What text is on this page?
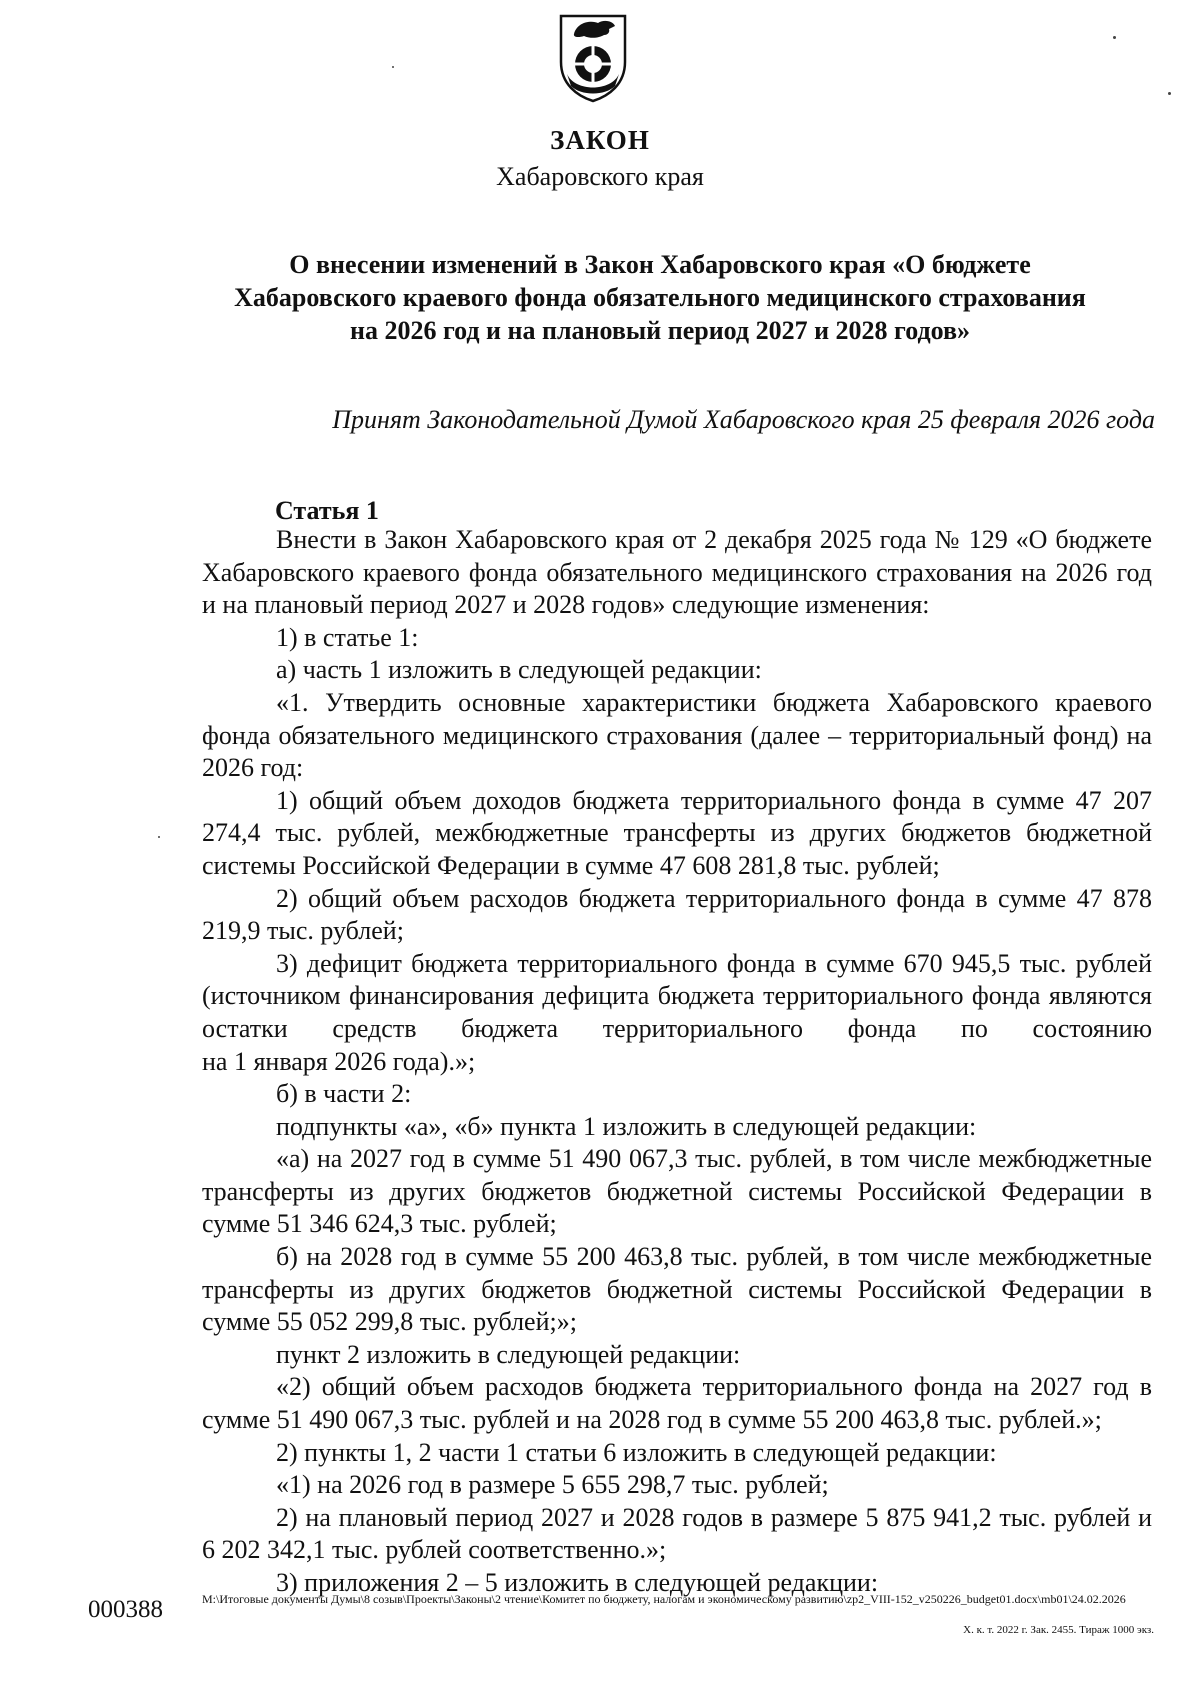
ЗАКОН
Хабаровского края
О внесении изменений в Закон Хабаровского края «О бюджете
Хабаровского краевого фонда обязательного медицинского страхования
на 2026 год и на плановый период 2027 и 2028 годов»
Принят Законодательной Думой Хабаровского края 25 февраля 2026 года
Статья 1

Внести в Закон Хабаровского края от 2 декабря 2025 года № 129 «О бюджете Хабаровского краевого фонда обязательного медицинского страхования на 2026 год и на плановый период 2027 и 2028 годов» следующие изменения:

1) в статье 1:

а) часть 1 изложить в следующей редакции:

«1. Утвердить основные характеристики бюджета Хабаровского краевого фонда обязательного медицинского страхования (далее – территориальный фонд) на 2026 год:

1) общий объем доходов бюджета территориального фонда в сумме 47 207 274,4 тыс. рублей, межбюджетные трансферты из других бюджетов бюджетной системы Российской Федерации в сумме 47 608 281,8 тыс. рублей;

2) общий объем расходов бюджета территориального фонда в сумме 47 878 219,9 тыс. рублей;

3) дефицит бюджета территориального фонда в сумме 670 945,5 тыс. рублей (источником финансирования дефицита бюджета территориального фонда являются остатки средств бюджета территориального фонда по состоянию

на 1 января 2026 года).»;

б) в части 2:

подпункты «а», «б» пункта 1 изложить в следующей редакции:

«а) на 2027 год в сумме 51 490 067,3 тыс. рублей, в том числе межбюджетные трансферты из других бюджетов бюджетной системы Российской Федерации в сумме 51 346 624,3 тыс. рублей;

б) на 2028 год в сумме 55 200 463,8 тыс. рублей, в том числе межбюджетные трансферты из других бюджетов бюджетной системы Российской Федерации в сумме 55 052 299,8 тыс. рублей;»;

пункт 2 изложить в следующей редакции:

«2) общий объем расходов бюджета территориального фонда на 2027 год в сумме 51 490 067,3 тыс. рублей и на 2028 год в сумме 55 200 463,8 тыс. рублей.»;

2) пункты 1, 2 части 1 статьи 6 изложить в следующей редакции:

«1) на 2026 год в размере 5 655 298,7 тыс. рублей;

2) на плановый период 2027 и 2028 годов в размере 5 875 941,2 тыс. рублей и 6 202 342,1 тыс. рублей соответственно.»;

3) приложения 2 – 5 изложить в следующей редакции:

000388	M:\Итоговые документы Думы\8 созыв\Проекты\Законы\2 чтение\Комитет по бюджету, налогам и экономическому развитию\zp2_VIII-152_v250226_budget01.docx\mb01\24.02.2026
Х. к. т. 2022 г. Зак. 2455. Тираж 1000 экз.
